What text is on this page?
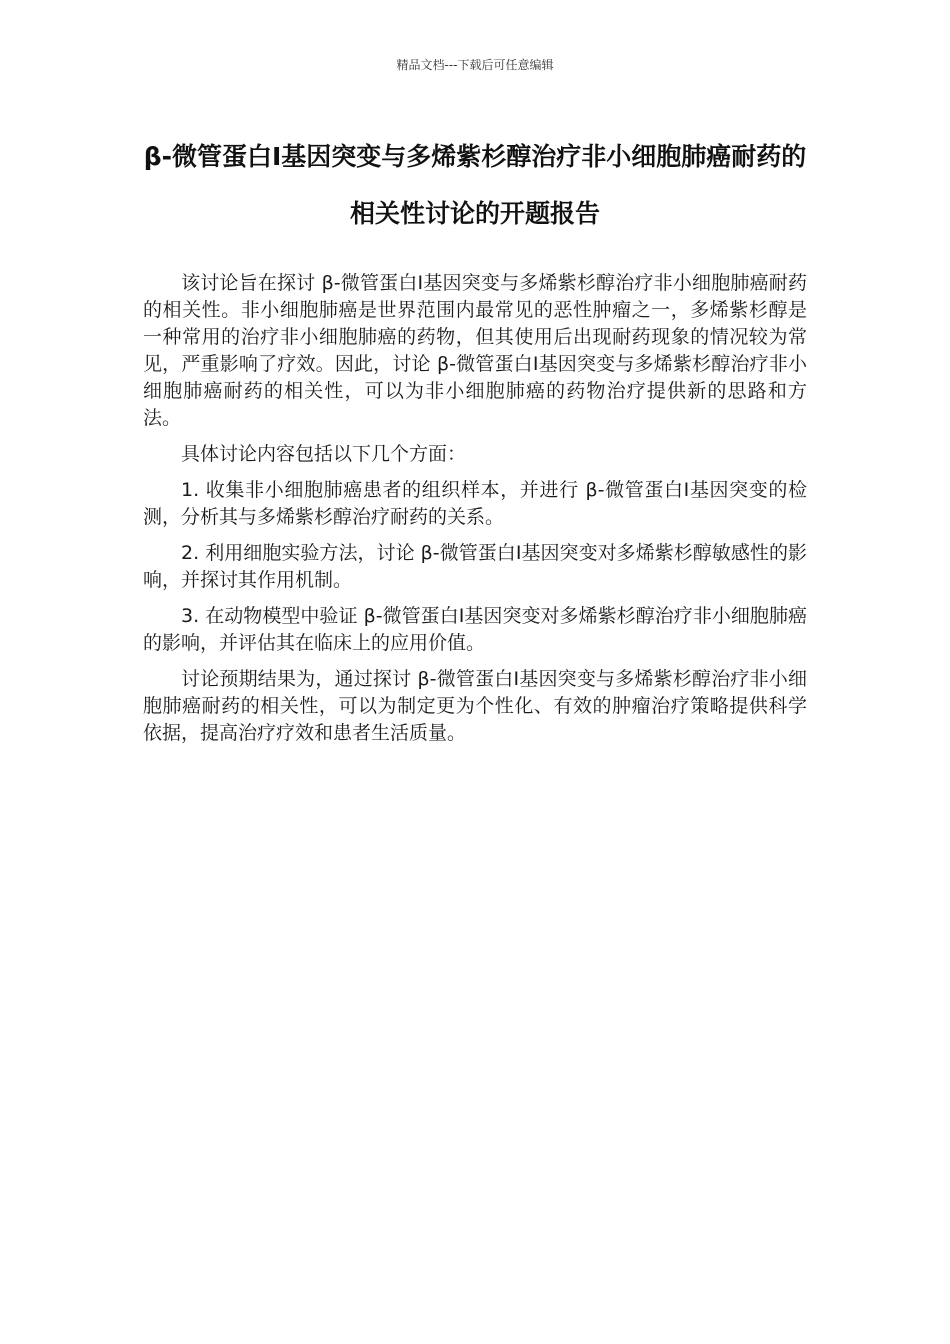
精品文档---下载后可任意编辑
β-微管蛋白Ⅰ基因突变与多烯紫杉醇治疗非小细胞肺癌耐药的相关性讨论的开题报告

该讨论旨在探讨 β-微管蛋白Ⅰ基因突变与多烯紫杉醇治疗非小细胞肺癌耐药的相关性。非小细胞肺癌是世界范围内最常见的恶性肿瘤之一，多烯紫杉醇是一种常用的治疗非小细胞肺癌的药物，但其使用后出现耐药现象的情况较为常见，严重影响了疗效。因此，讨论 β-微管蛋白Ⅰ基因突变与多烯紫杉醇治疗非小细胞肺癌耐药的相关性，可以为非小细胞肺癌的药物治疗提供新的思路和方法。

具体讨论内容包括以下几个方面：

1. 收集非小细胞肺癌患者的组织样本，并进行 β-微管蛋白Ⅰ基因突变的检测，分析其与多烯紫杉醇治疗耐药的关系。

2. 利用细胞实验方法，讨论 β-微管蛋白Ⅰ基因突变对多烯紫杉醇敏感性的影响，并探讨其作用机制。

3. 在动物模型中验证 β-微管蛋白Ⅰ基因突变对多烯紫杉醇治疗非小细胞肺癌的影响，并评估其在临床上的应用价值。

讨论预期结果为，通过探讨 β-微管蛋白Ⅰ基因突变与多烯紫杉醇治疗非小细胞肺癌耐药的相关性，可以为制定更为个性化、有效的肿瘤治疗策略提供科学依据，提高治疗疗效和患者生活质量。
